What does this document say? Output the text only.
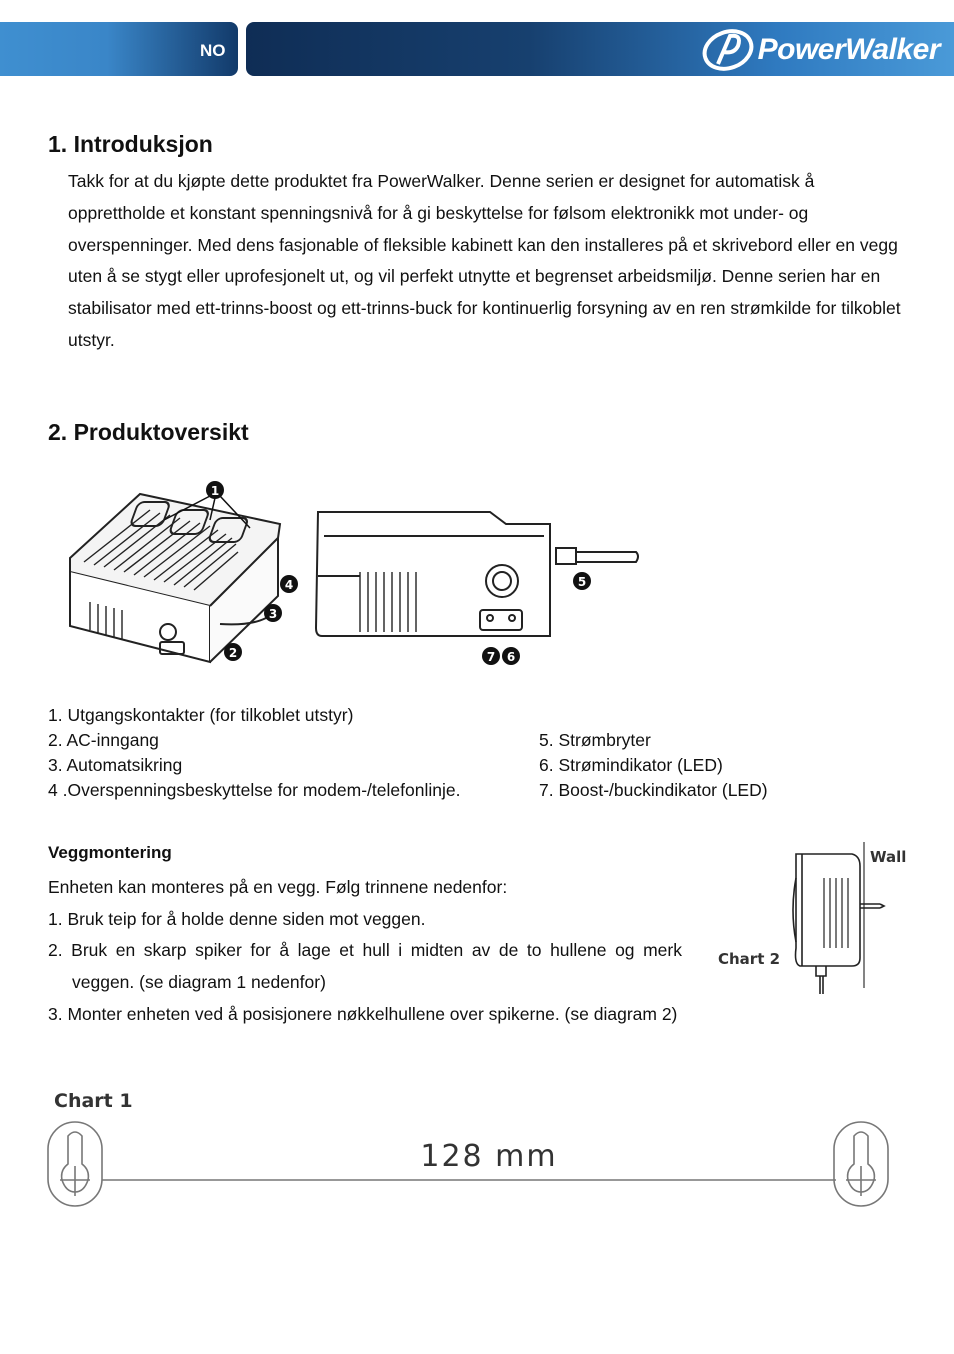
NO	PowerWalker
1. Introduksjon
Takk for at du kjøpte dette produktet fra PowerWalker. Denne serien er designet for automatisk å opprettholde et konstant spenningsnivå for å gi beskyttelse for følsom elektronikk mot under- og overspenninger. Med dens fasjonable of fleksible kabinett kan den installeres på et skrivebord eller en vegg uten å se stygt eller uprofesjonelt ut, og vil perfekt utnytte et begrenset arbeidsmiljø. Denne serien har en stabilisator med ett-trinns-boost og ett-trinns-buck for kontinuerlig forsyning av en ren strømkilde for tilkoblet utstyr.
2. Produktoversikt
1
2
3
4	5
6
7
1. Utgangskontakter (for tilkoblet utstyr)
2. AC-inngang
3. Automatsikring
4 .Overspenningsbeskyttelse for modem-/telefonlinje.
5. Strømbryter
6. Strømindikator (LED)
7. Boost-/buckindikator (LED)
Veggmontering
Enheten kan monteres på en vegg. Følg trinnene nedenfor:
1. Bruk teip for å holde denne siden mot veggen.
2. Bruk en skarp spiker for å lage et hull i midten av de to hullene og merk veggen. (se diagram 1 nedenfor)
3. Monter enheten ved å posisjonere nøkkelhullene over spikerne. (se diagram 2)
Chart 2
Wall
Chart 1
128 mm
